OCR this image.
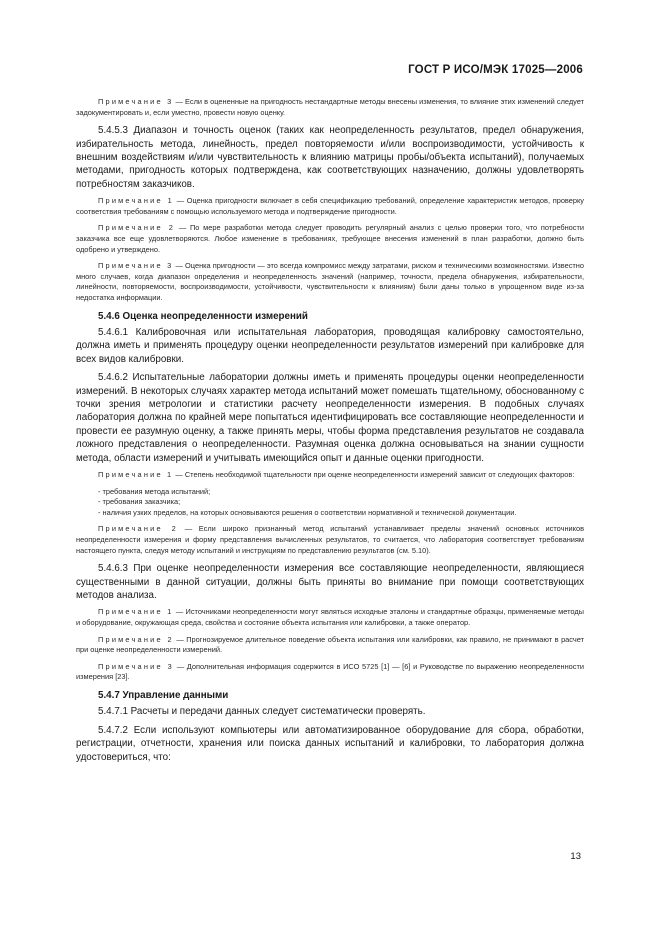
ГОСТ Р ИСО/МЭК 17025—2006

Примечание 3 — Если в оцененные на пригодность нестандартные методы внесены изменения, то влияние этих изменений следует задокументировать и, если уместно, провести новую оценку.

5.4.5.3 Диапазон и точность оценок (таких как неопределенность результатов, предел обнаружения, избирательность метода, линейность, предел повторяемости и/или воспроизводимости, устойчивость к внешним воздействиям и/или чувствительность к влиянию матрицы пробы/объекта испытаний), получаемых методами, пригодность которых подтверждена, как соответствующих назначению, должны удовлетворять потребностям заказчиков.

Примечание 1 — Оценка пригодности включает в себя спецификацию требований, определение характеристик методов, проверку соответствия требованиям с помощью используемого метода и подтверждение пригодности.

Примечание 2 — По мере разработки метода следует проводить регулярный анализ с целью проверки того, что потребности заказчика все еще удовлетворяются. Любое изменение в требованиях, требующее внесения изменений в план разработки, должно быть одобрено и утверждено.

Примечание 3 — Оценка пригодности — это всегда компромисс между затратами, риском и техническими возможностями. Известно много случаев, когда диапазон определения и неопределенность значений (например, точности, предела обнаружения, избирательности, линейности, повторяемости, воспроизводимости, устойчивости, чувствительности к влияниям) были даны только в упрощенном виде из-за недостатка информации.

5.4.6 Оценка неопределенности измерений

5.4.6.1 Калибровочная или испытательная лаборатория, проводящая калибровку самостоятельно, должна иметь и применять процедуру оценки неопределенности результатов измерений при калибровке для всех видов калибровки.

5.4.6.2 Испытательные лаборатории должны иметь и применять процедуры оценки неопределенности измерений. В некоторых случаях характер метода испытаний может помешать тщательному, обоснованному с точки зрения метрологии и статистики расчету неопределенности измерения. В подобных случаях лаборатория должна по крайней мере попытаться идентифицировать все составляющие неопределенности и провести ее разумную оценку, а также принять меры, чтобы форма представления результатов не создавала ложного представления о неопределенности. Разумная оценка должна основываться на знании сущности метода, области измерений и учитывать имеющийся опыт и данные оценки пригодности.

Примечание 1 — Степень необходимой тщательности при оценке неопределенности измерений зависит от следующих факторов:

- требования метода испытаний;

- требования заказчика;

- наличия узких пределов, на которых основываются решения о соответствии нормативной и технической документации.

Примечание 2 — Если широко признанный метод испытаний устанавливает пределы значений основных источников неопределенности измерения и форму представления вычисленных результатов, то считается, что лаборатория соответствует требованиям настоящего пункта, следуя методу испытаний и инструкциям по представлению результатов (см. 5.10).

5.4.6.3 При оценке неопределенности измерения все составляющие неопределенности, являющиеся существенными в данной ситуации, должны быть приняты во внимание при помощи соответствующих методов анализа.

Примечание 1 — Источниками неопределенности могут являться исходные эталоны и стандартные образцы, применяемые методы и оборудование, окружающая среда, свойства и состояние объекта испытания или калибровки, а также оператор.

Примечание 2 — Прогнозируемое длительное поведение объекта испытания или калибровки, как правило, не принимают в расчет при оценке неопределенности измерений.

Примечание 3 — Дополнительная информация содержится в ИСО 5725 [1] — [6] и Руководстве по выражению неопределенности измерения [23].

5.4.7 Управление данными

5.4.7.1 Расчеты и передачи данных следует систематически проверять.

5.4.7.2 Если используют компьютеры или автоматизированное оборудование для сбора, обработки, регистрации, отчетности, хранения или поиска данных испытаний и калибровки, то лаборатория должна удостовериться, что:

13
